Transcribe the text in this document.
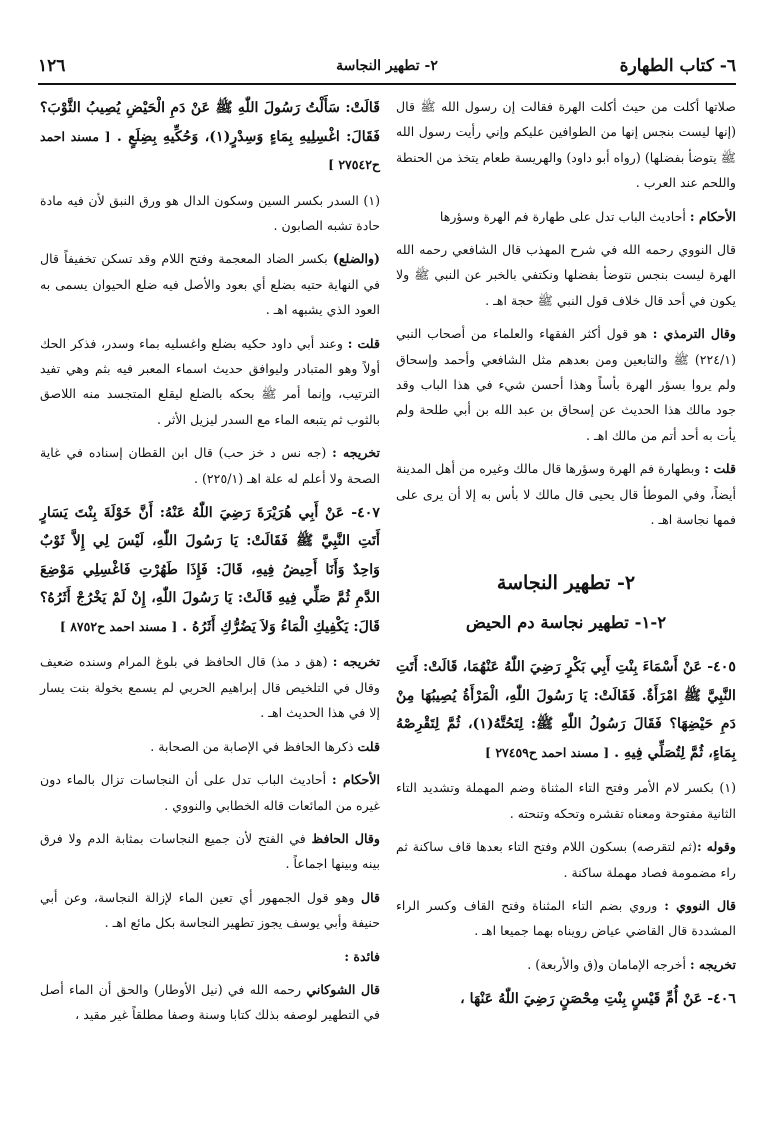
٦- كتاب الطهارة
٢- تطهير النجاسة
١٢٦

صلاتها أكلت من حيث أكلت الهرة فقالت إن رسول الله ﷺ قال (إنها ليست بنجس إنها من الطوافين عليكم وإني رأيت رسول الله ﷺ يتوضأ بفضلها) (رواه أبو داود) والهريسة طعام يتخذ من الحنطة واللحم عند العرب .

الأحكام : أحاديث الباب تدل على طهارة فم الهرة وسؤرها

قال النووي رحمه الله في شرح المهذب قال الشافعي رحمه الله الهرة ليست بنجس نتوضأ بفضلها ونكتفي بالخبر عن النبي ﷺ ولا يكون في أحد قال خلاف قول النبي ﷺ حجة اهـ .

وقال الترمذي : هو قول أكثر الفقهاء والعلماء من أصحاب النبي (٢٢٤/١) ﷺ والتابعين ومن بعدهم مثل الشافعي وأحمد وإسحاق ولم يروا بسؤر الهرة بأساً وهذا أحسن شيء في هذا الباب وقد جود مالك هذا الحديث عن إسحاق بن عبد الله بن أبي طلحة ولم يأت به أحد أتم من مالك اهـ .

قلت : وبطهارة فم الهرة وسؤرها قال مالك وغيره من أهل المدينة أيضاً، وفي الموطأ قال يحيى قال مالك لا بأس به إلا أن يرى على فمها نجاسة اهـ .

٢- تطهير النجاسة

٢-١- تطهير نجاسة دم الحيض

٤٠٥- عَنْ أَسْمَاءَ بِنْتِ أَبِي بَكْرٍ رَضِيَ اللّٰهُ عَنْهُمَا، قَالَتْ: أَتَتِ النَّبِيَّ ﷺ امْرَأَةٌ. فَقَالَتْ: يَا رَسُولَ اللّٰهِ، الْمَرْأَةُ يُصِيبُهَا مِنْ دَمِ حَيْضِهَا؟ فَقَالَ رَسُولُ اللّٰهِ ﷺ: لِتَحُتَّهُ(١)، ثُمَّ لِتَقْرِصْهُ بِمَاءٍ، ثُمَّ لِتُصَلِّي فِيهِ . [ مسند احمد ح٢٧٤٥٩ ]

(١) بكسر لام الأمر وفتح التاء المثناة وضم المهملة وتشديد التاء الثانية مفتوحة ومعناه تقشره وتحكه وتنحته .

وقوله :(ثم لتقرصه) بسكون اللام وفتح التاء بعدها قاف ساكنة ثم راء مضمومة فصاد مهملة ساكنة .

قال النووي : وروي بضم التاء المثناة وفتح القاف وكسر الراء المشددة قال القاضي عياض رويناه بهما جميعا اهـ .

تخريجه : أخرجه الإمامان و(ق والأربعة) .

٤٠٦- عَنْ أُمِّ قَيْسٍ بِنْتِ مِحْصَنٍ رَضِيَ اللّٰهُ عَنْهَا ،

قَالَتْ: سَأَلْتُ رَسُولَ اللّٰهِ ﷺ عَنْ دَمِ الْحَيْضِ يُصِيبُ الثَّوْبَ؟ فَقَالَ: اغْسِلِيهِ بِمَاءٍ وَسِدْرٍ(١)، وَحُكِّيهِ بِضِلَعٍ . [ مسند احمد ح٢٧٥٤٢ ]

(١) السدر بكسر السين وسكون الدال هو ورق النبق لأن فيه مادة حادة تشبه الصابون .

(والضلع) بكسر الضاد المعجمة وفتح اللام وقد تسكن تخفيفاً قال في النهاية حتيه بضلع أي بعود والأصل فيه ضلع الحيوان يسمى به العود الذي يشبهه اهـ .

قلت : وعند أبي داود حكيه بضلع واغسليه بماء وسدر، فذكر الحك أولاً وهو المتبادر وليوافق حديث اسماء المعبر فيه بثم وهي تفيد الترتيب، وإنما أمر ﷺ بحكه بالضلع ليقلع المتجسد منه اللاصق بالثوب ثم يتبعه الماء مع السدر ليزيل الأثر .

تخريجه : (جه نس د خز حب) قال ابن القطان إسناده في غاية الصحة ولا أعلم له علة اهـ (٢٢٥/١) .

٤٠٧- عَنْ أَبِي هُرَيْرَةَ رَضِيَ اللّٰهُ عَنْهُ: أَنَّ خَوْلَةَ بِنْتَ يَسَارٍ أَتَتِ النَّبِيَّ ﷺ فَقَالَتْ: يَا رَسُولَ اللّٰهِ، لَيْسَ لِي إِلاَّ ثَوْبٌ وَاحِدٌ وَأَنَا أَحِيضُ فِيهِ، قَالَ: فَإِذَا طَهُرْتِ فَاغْسِلِي مَوْضِعَ الدَّمِ ثُمَّ صَلِّي فِيهِ قَالَتْ: يَا رَسُولَ اللّٰهِ، إِنْ لَمْ يَخْرُجْ أَثَرُهُ؟ قَالَ: يَكْفِيكِ الْمَاءُ وَلاَ يَضُرُّكِ أَثَرُهُ . [ مسند احمد ح٨٧٥٢ ]

تخريجه : (هق د مذ) قال الحافظ في بلوغ المرام وسنده ضعيف وقال في التلخيص قال إبراهيم الحربي لم يسمع بخولة بنت يسار إلا في هذا الحديث اهـ .

قلت ذكرها الحافظ في الإصابة من الصحابة .

الأحكام : أحاديث الباب تدل على أن النجاسات تزال بالماء دون غيره من المائعات قاله الخطابي والنووي .

وقال الحافظ في الفتح لأن جميع النجاسات بمثابة الدم ولا فرق بينه وبينها اجماعاً .

قال وهو قول الجمهور أي تعين الماء لإزالة النجاسة، وعن أبي حنيفة وأبي يوسف يجوز تطهير النجاسة بكل مائع اهـ .

فائدة :

قال الشوكاني رحمه الله في (نيل الأوطار) والحق أن الماء أصل في التطهير لوصفه بذلك كتابا وسنة وصفا مطلقاً غير مقيد ،
